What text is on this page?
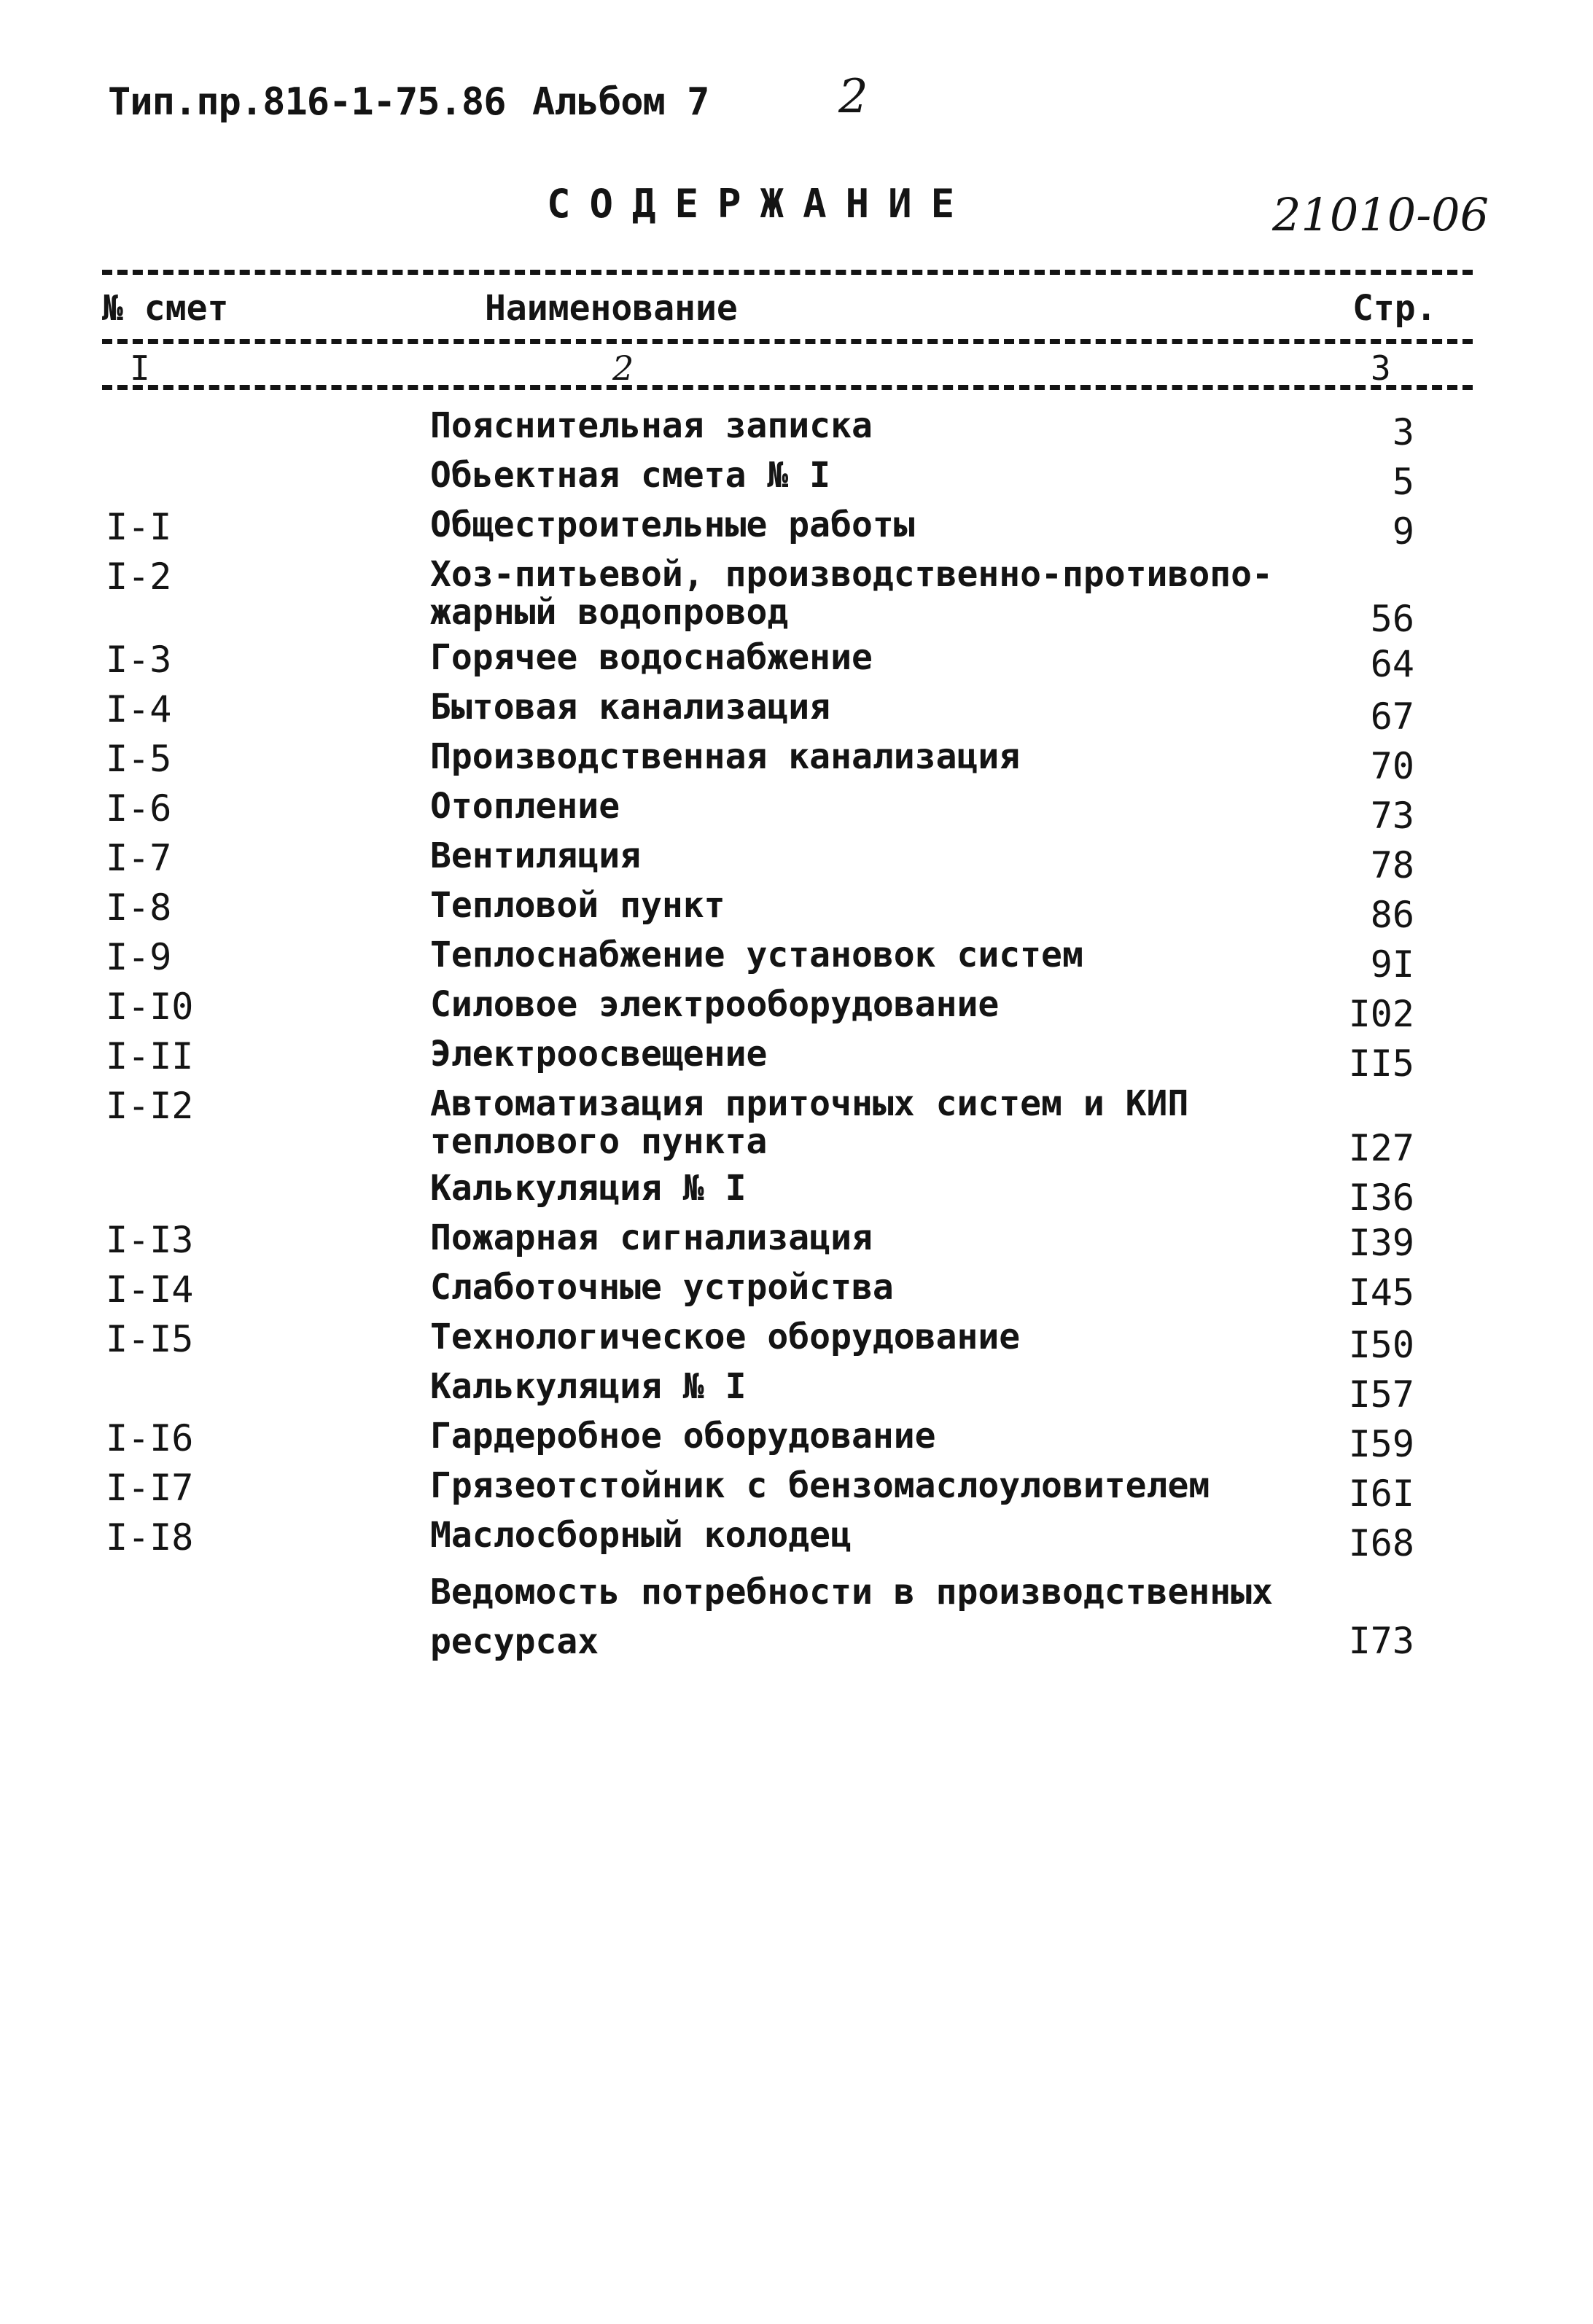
Тип.пр.816-1-75.86 Альбом 7	2
СОДЕРЖАНИЕ	21010-06
№ смет	Наименование	Стр.
I	2	3
Пояснительная записка	3
Обьектная смета № I	5
I-I	Общестроительные работы	9
I-2	Хоз-питьевой, производственно-противопо-
жарный водопровод	56
I-3	Горячее водоснабжение	64
I-4	Бытовая канализация	67
I-5	Производственная канализация	70
I-6	Отопление	73
I-7	Вентиляция	78
I-8	Тепловой пункт	86
I-9	Теплоснабжение установок систем	9I
I-I0	Силовое электрооборудование	I02
I-II	Электроосвещение	II5
I-I2	Автоматизация приточных систем и КИП
теплового пункта	I27
Калькуляция № I	I36
I-I3	Пожарная сигнализация	I39
I-I4	Слаботочные устройства	I45
I-I5	Технологическое оборудование	I50
Калькуляция № I	I57
I-I6	Гардеробное оборудование	I59
I-I7	Грязеотстойник с бензомаслоуловителем	I6I
I-I8	Маслосборный колодец	I68
Ведомость потребности в производственных
ресурсах	I73
